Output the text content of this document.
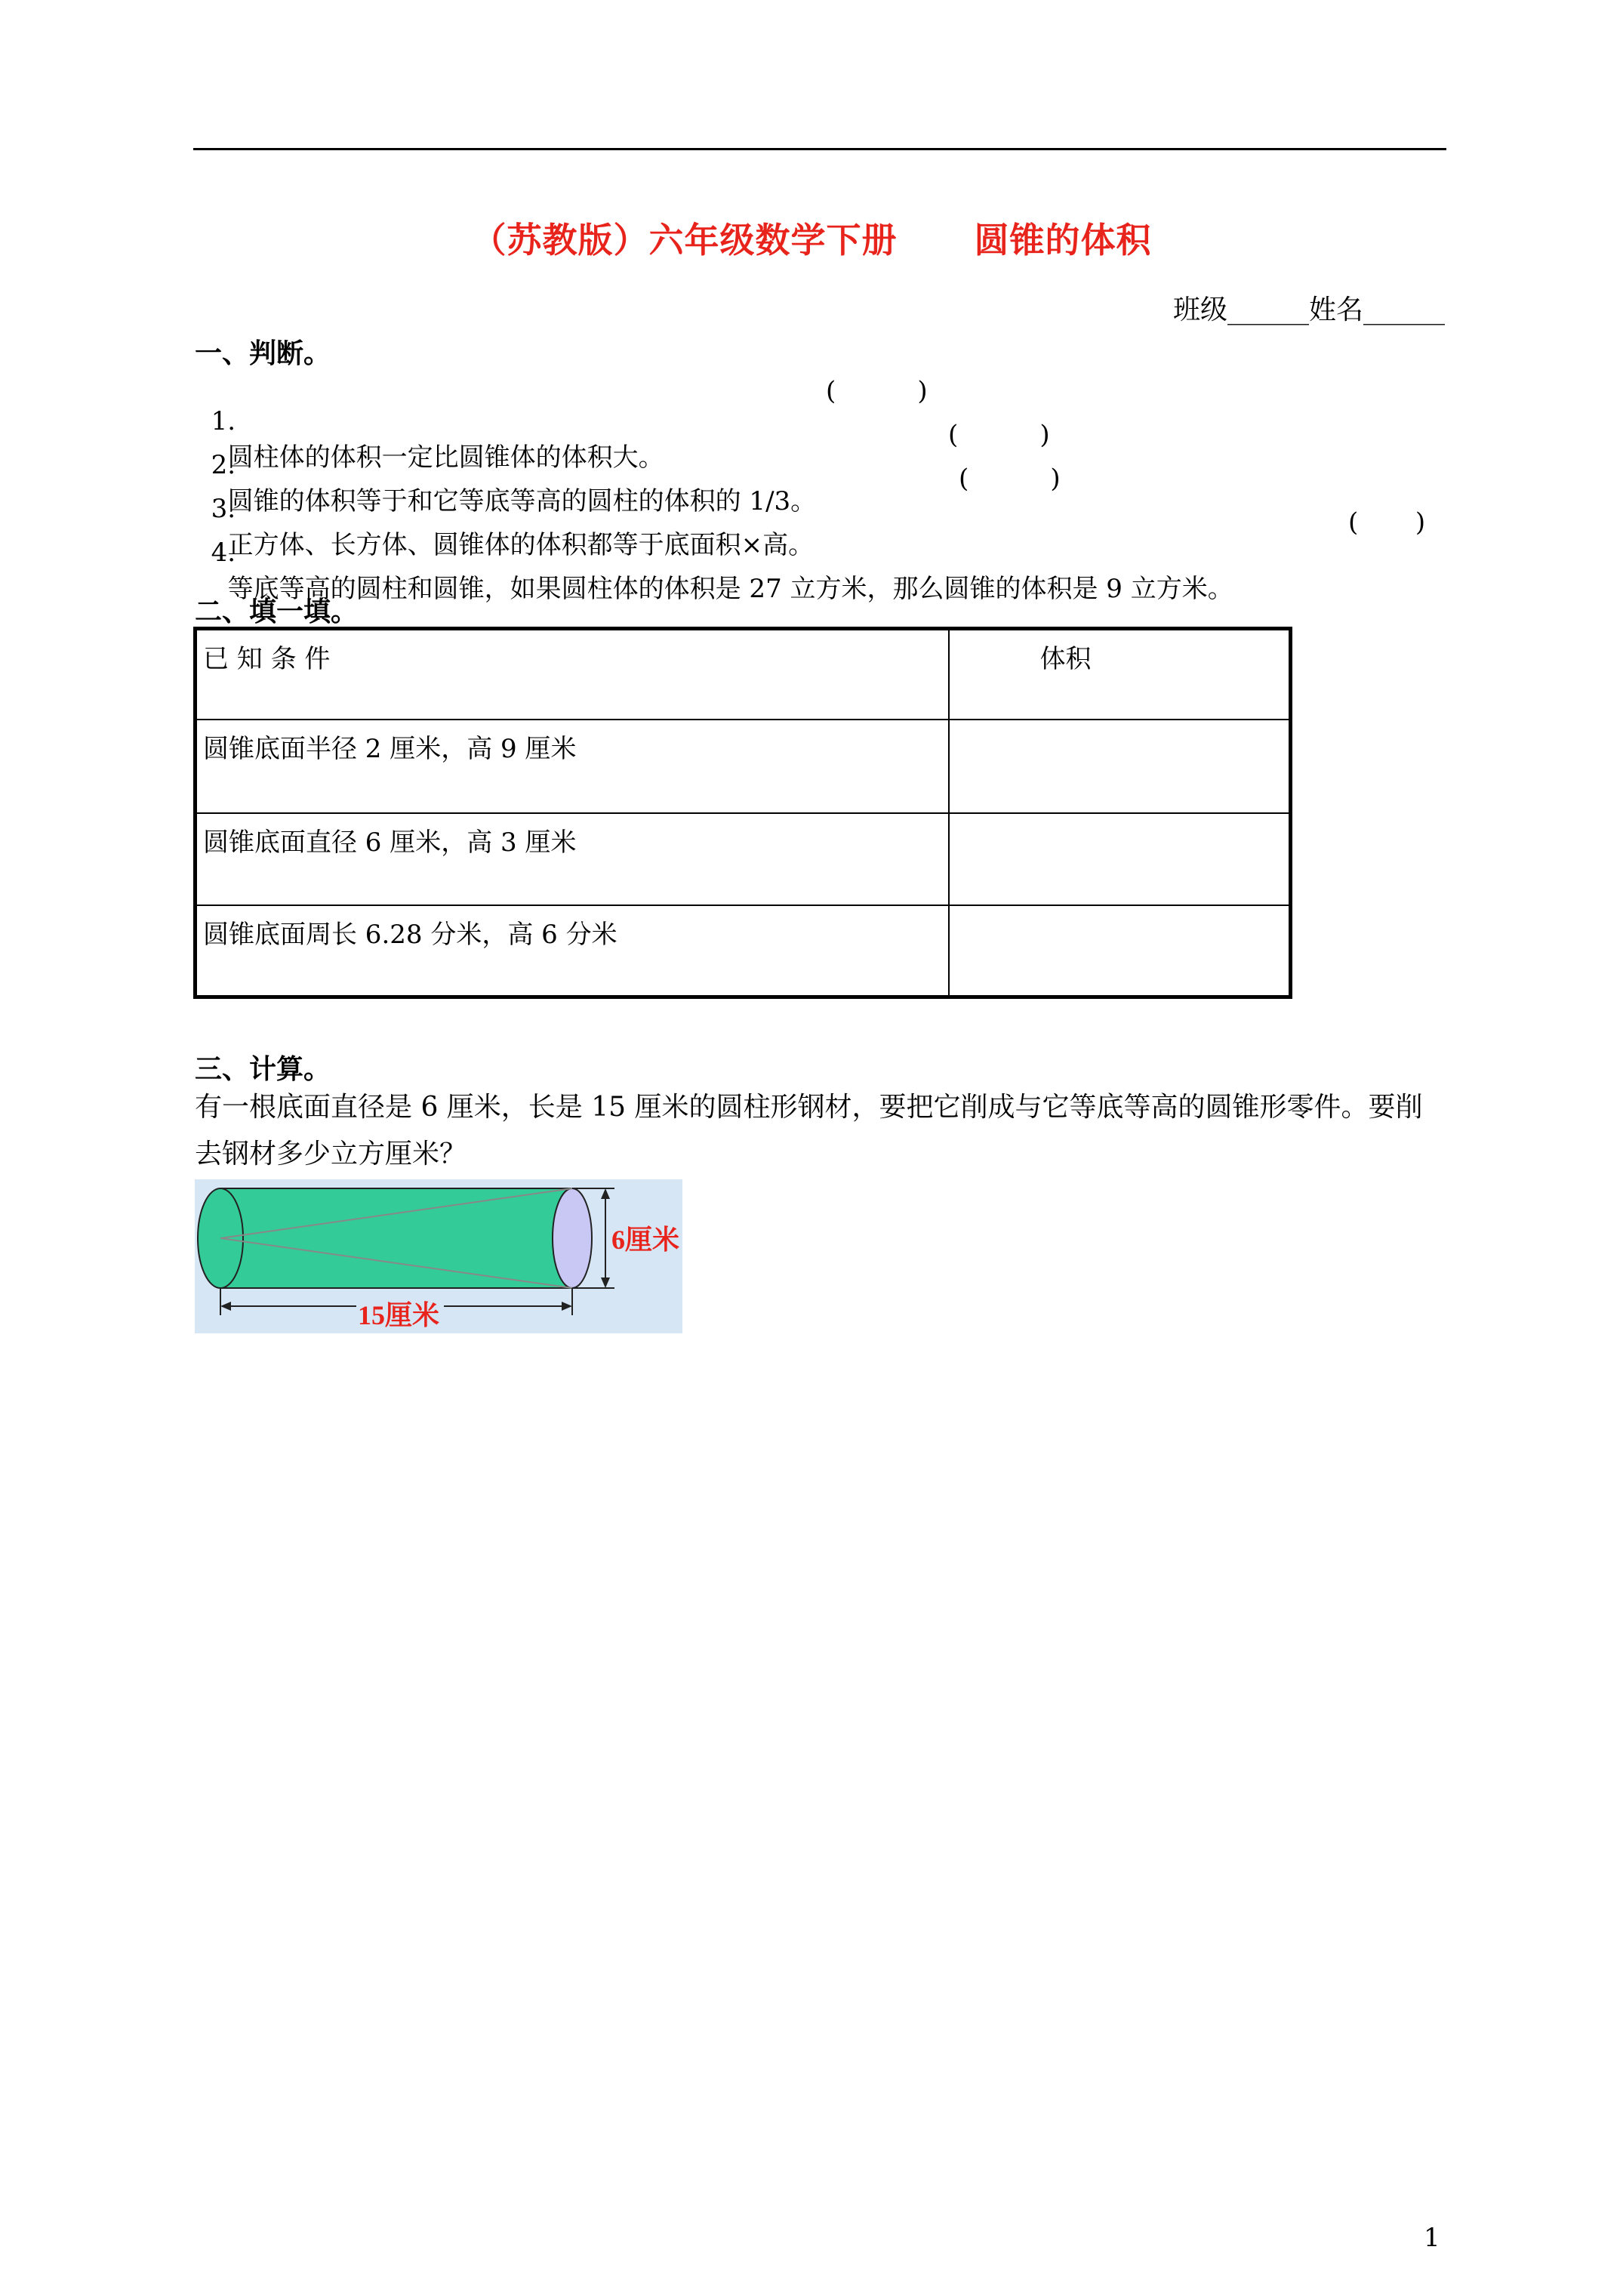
（苏教版）六年级数学下册      圆锥的体积
班级______姓名______
一、判断。

1.
圆柱体的体积一定比圆锥体的体积大。

(          )

2.
圆锥的体积等于和它等底等高的圆柱的体积的 1/3。

(          )

3.
正方体、长方体、圆锥体的体积都等于底面积×高。

(          )

4.
等底等高的圆柱和圆锥，如果圆柱体的体积是 27 立方米，那么圆锥的体积是 9 立方米。

(       )
二、填一填。
已 知 条 件	体积
圆锥底面半径 2 厘米，高 9 厘米	
圆锥底面直径 6 厘米，高 3 厘米	
圆锥底面周长 6.28 分米，高 6 分米	
三、计算。
有一根底面直径是 6 厘米，长是 15 厘米的圆柱形钢材，要把它削成与它等底等高的圆锥形零件。要削去钢材多少立方厘米？
6厘米
15厘米
1
